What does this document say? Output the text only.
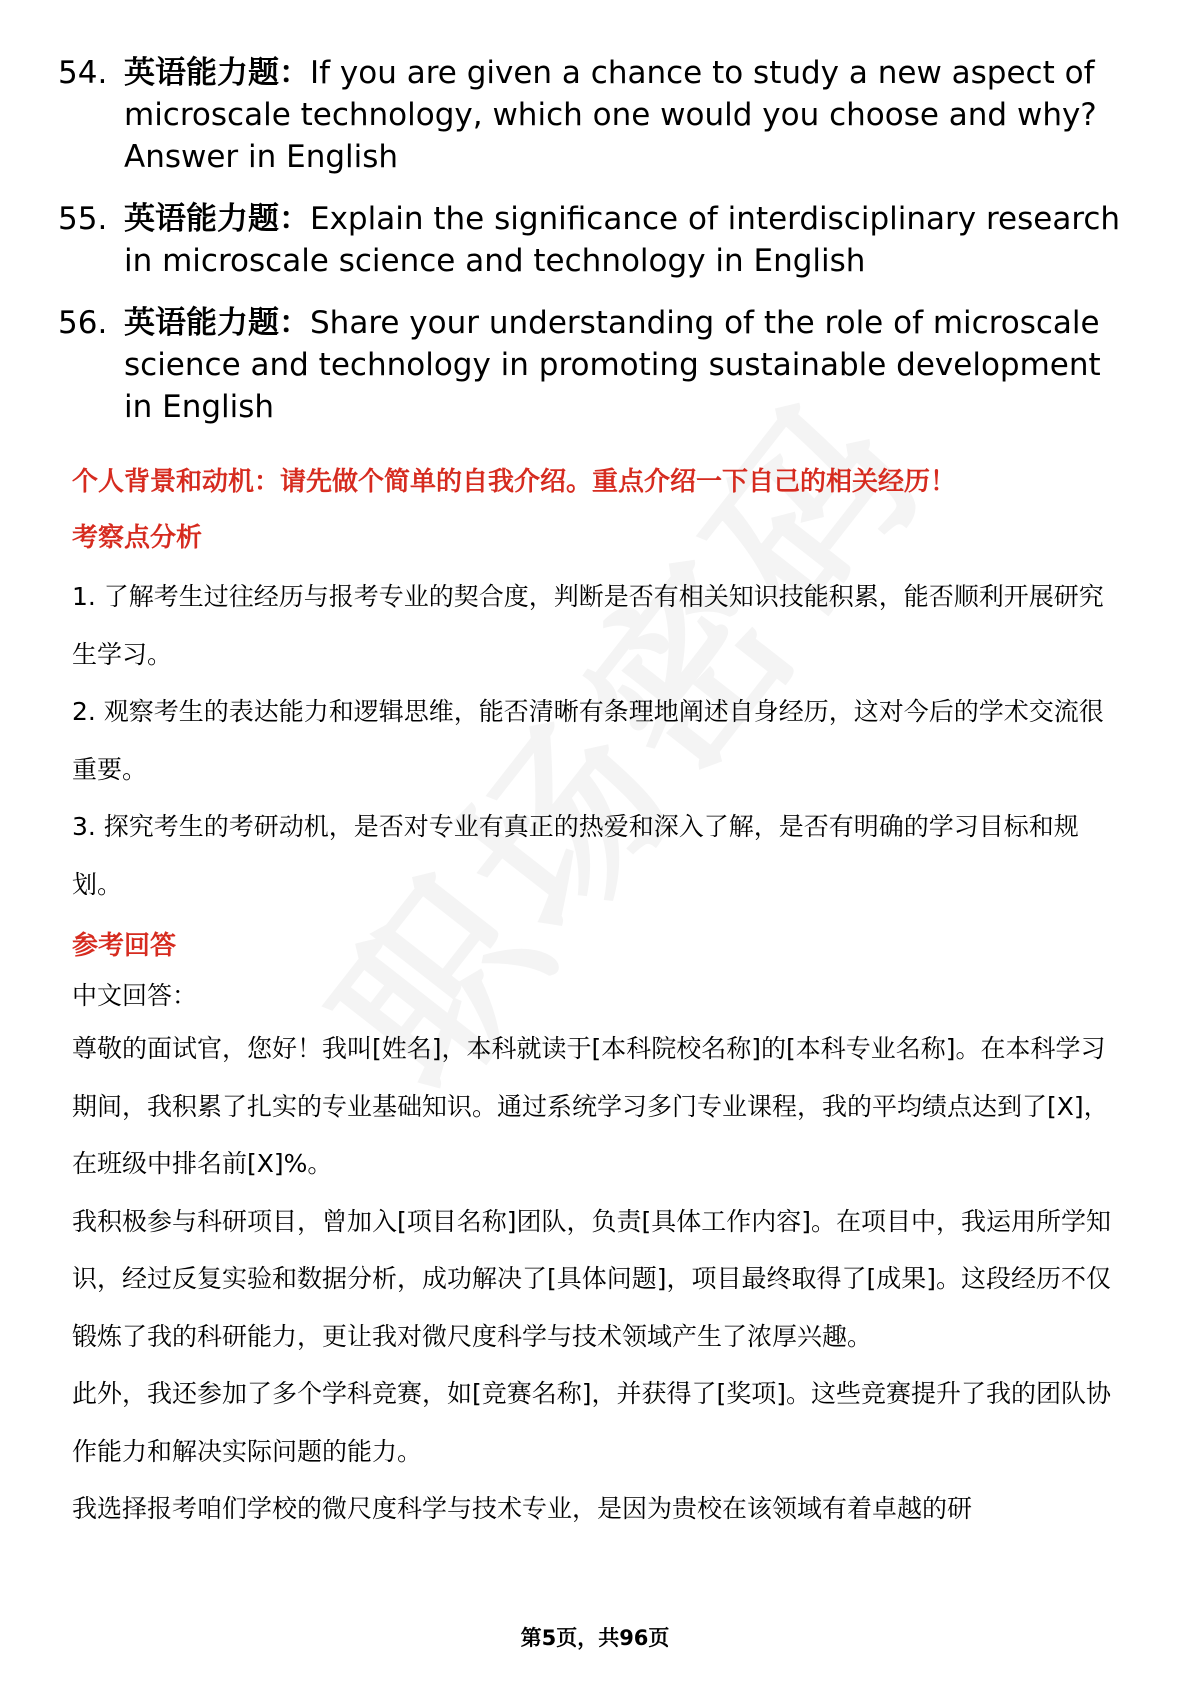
54. 英语能力题：If you are given a chance to study a new aspect of microscale technology, which one would you choose and why? Answer in English
55. 英语能力题：Explain the significance of interdisciplinary research in microscale science and technology in English
56. 英语能力题：Share your understanding of the role of microscale science and technology in promoting sustainable development in English
个人背景和动机：请先做个简单的自我介绍。重点介绍一下自己的相关经历！
考察点分析

1. 了解考生过往经历与报考专业的契合度，判断是否有相关知识技能积累，能否顺利开展研究生学习。

2. 观察考生的表达能力和逻辑思维，能否清晰有条理地阐述自身经历，这对今后的学术交流很重要。

3. 探究考生的考研动机，是否对专业有真正的热爱和深入了解，是否有明确的学习目标和规划。

参考回答

中文回答：

尊敬的面试官，您好！我叫[姓名]，本科就读于[本科院校名称]的[本科专业名称]。在本科学习期间，我积累了扎实的专业基础知识。通过系统学习多门专业课程，我的平均绩点达到了[X]，在班级中排名前[X]%。

我积极参与科研项目，曾加入[项目名称]团队，负责[具体工作内容]。在项目中，我运用所学知识，经过反复实验和数据分析，成功解决了[具体问题]，项目最终取得了[成果]。这段经历不仅锻炼了我的科研能力，更让我对微尺度科学与技术领域产生了浓厚兴趣。

此外，我还参加了多个学科竞赛，如[竞赛名称]，并获得了[奖项]。这些竞赛提升了我的团队协作能力和解决实际问题的能力。

我选择报考咱们学校的微尺度科学与技术专业，是因为贵校在该领域有着卓越的研

第5页，共96页
